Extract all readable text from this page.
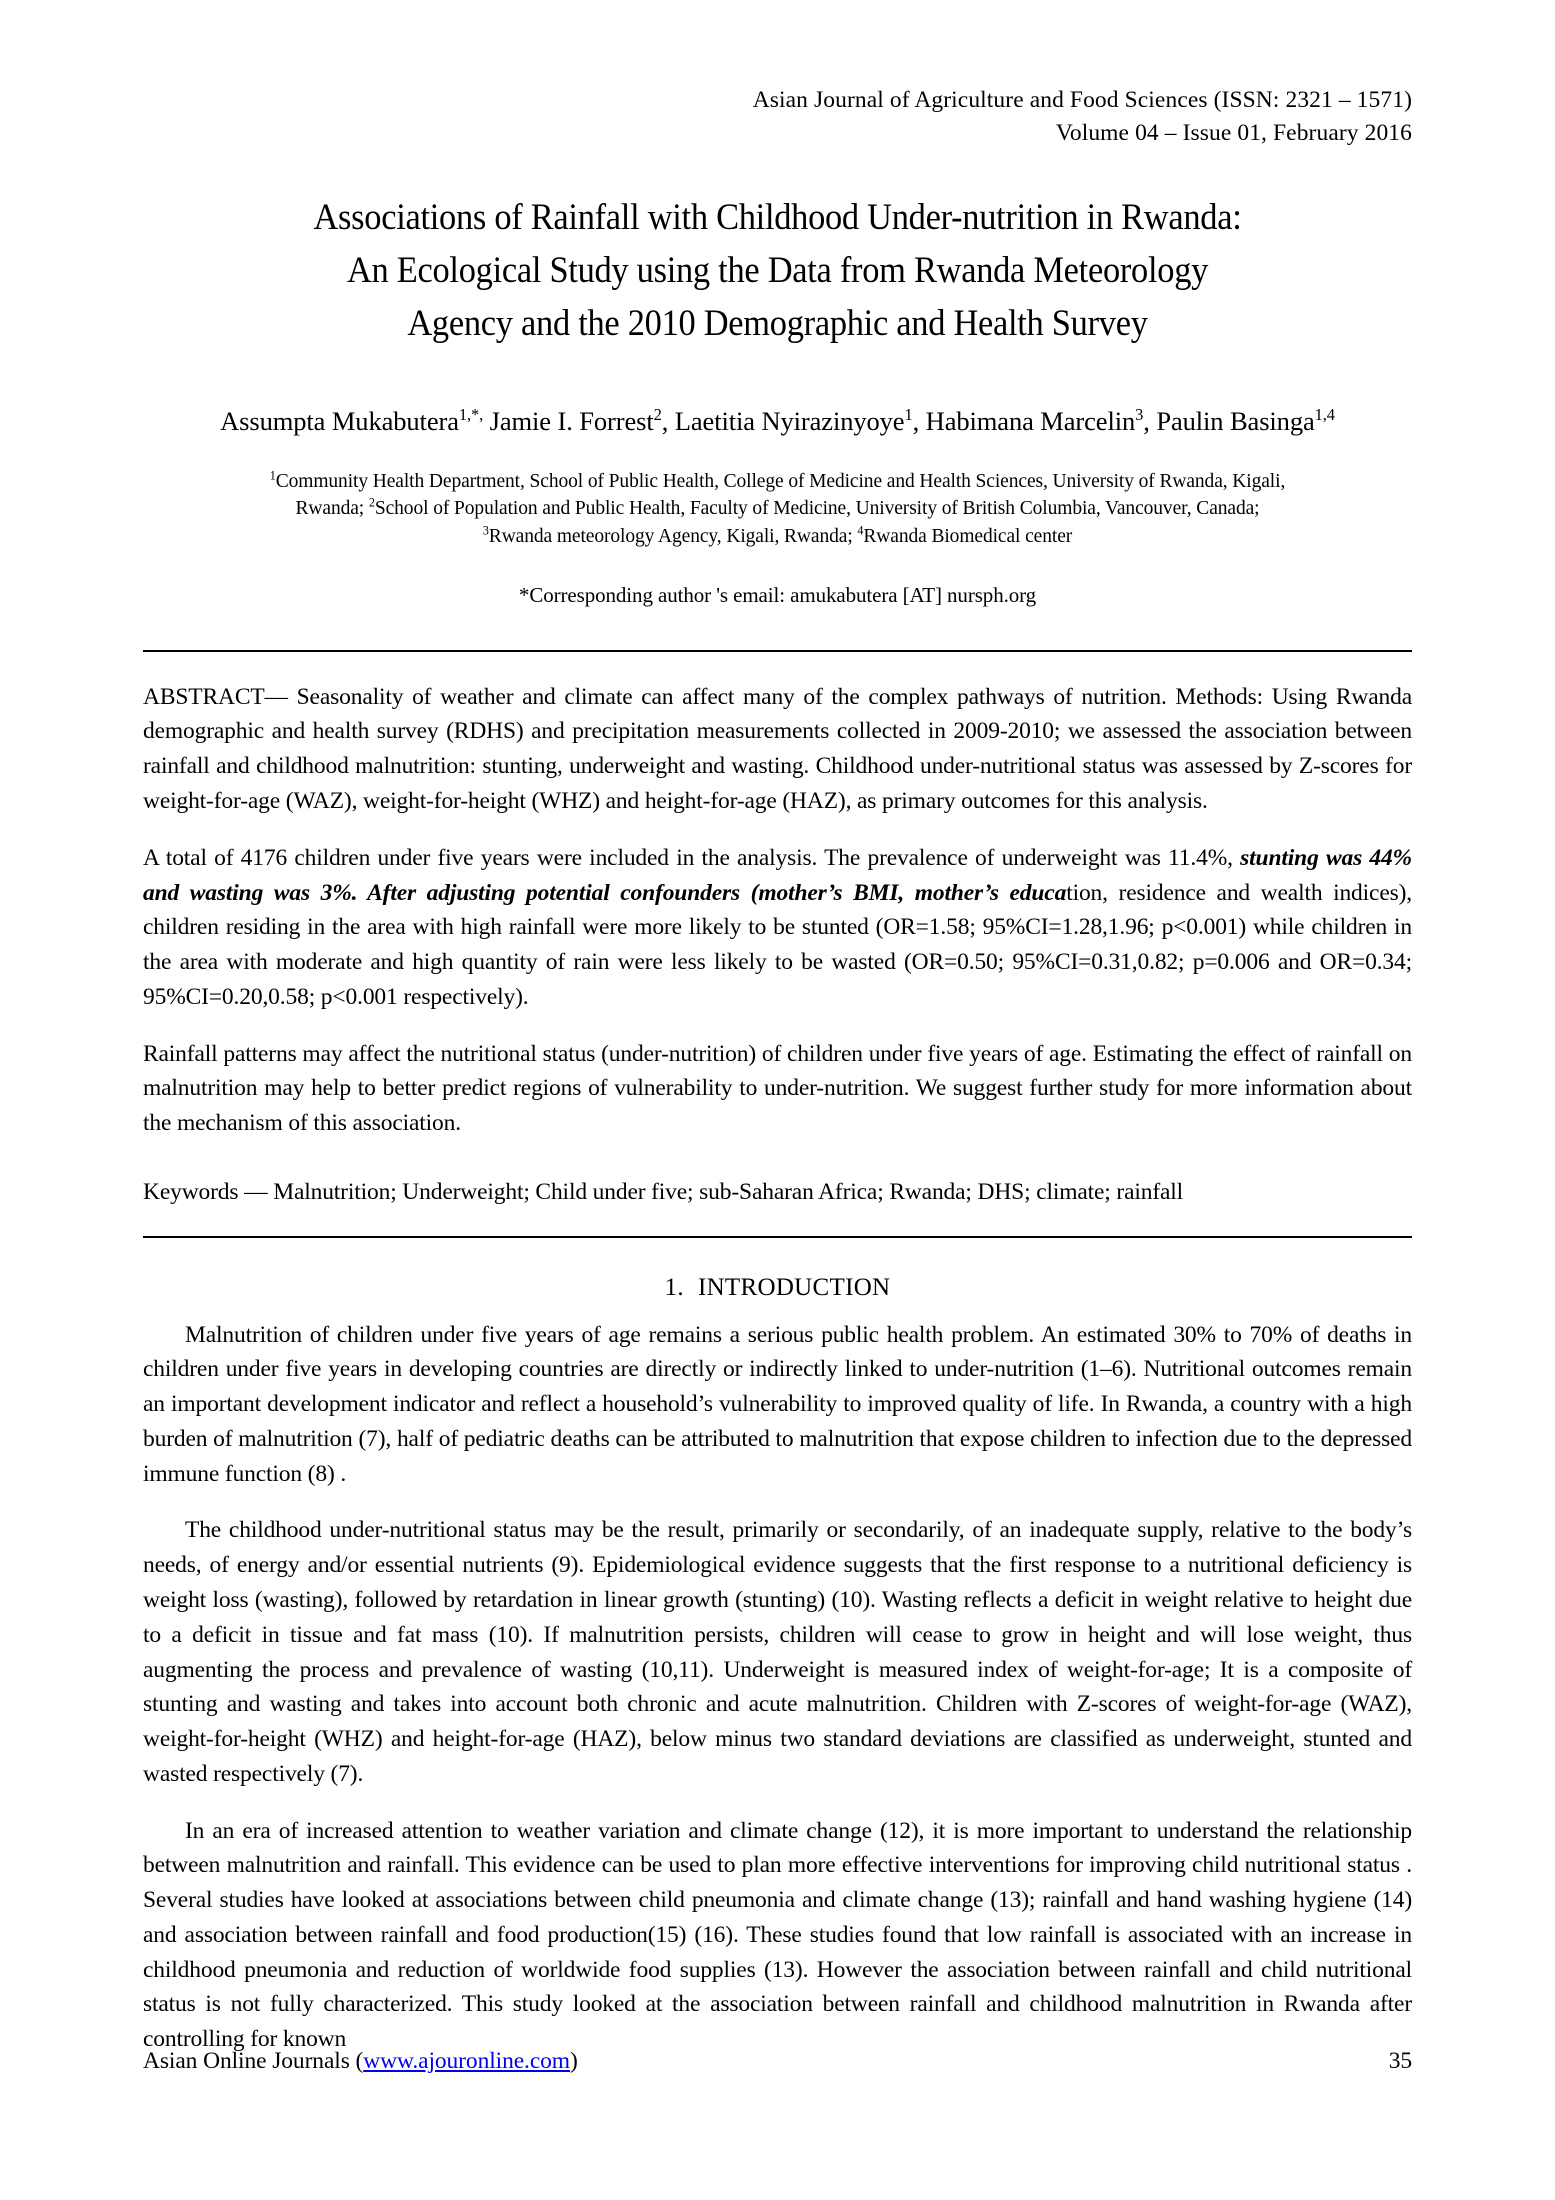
Asian Journal of Agriculture and Food Sciences (ISSN: 2321 – 1571)
Volume 04 – Issue 01, February 2016
Associations of Rainfall with Childhood Under-nutrition in Rwanda:
An Ecological Study using the Data from Rwanda Meteorology
Agency and the 2010 Demographic and Health Survey
Assumpta Mukabutera$^{1,*,}$ Jamie I. Forrest$^2$, Laetitia Nyirazinyoye$^1$, Habimana Marcelin$^3$, Paulin Basinga$^{1,4}$
$^1$Community Health Department, School of Public Health, College of Medicine and Health Sciences, University of Rwanda, Kigali,
Rwanda; $^2$School of Population and Public Health, Faculty of Medicine, University of British Columbia, Vancouver, Canada;
$^3$Rwanda meteorology Agency, Kigali, Rwanda; $^4$Rwanda Biomedical center
*Corresponding author 's email: amukabutera [AT] nursph.org

ABSTRACT— Seasonality of weather and climate can affect many of the complex pathways of nutrition. Methods: Using Rwanda demographic and health survey (RDHS) and precipitation measurements collected in 2009-2010; we assessed the association between rainfall and childhood malnutrition: stunting, underweight and wasting. Childhood under-nutritional status was assessed by Z-scores for weight-for-age (WAZ), weight-for-height (WHZ) and height-for-age (HAZ), as primary outcomes for this analysis.

A total of 4176 children under five years were included in the analysis. The prevalence of underweight was 11.4%, stunting was 44% and wasting was 3%. After adjusting potential confounders (mother’s BMI, mother’s education, residence and wealth indices), children residing in the area with high rainfall were more likely to be stunted (OR=1.58; 95%CI=1.28,1.96; p<0.001) while children in the area with moderate and high quantity of rain were less likely to be wasted (OR=0.50; 95%CI=0.31,0.82; p=0.006 and OR=0.34; 95%CI=0.20,0.58; p<0.001 respectively).

Rainfall patterns may affect the nutritional status (under-nutrition) of children under five years of age. Estimating the effect of rainfall on malnutrition may help to better predict regions of vulnerability to under-nutrition. We suggest further study for more information about the mechanism of this association.

Keywords — Malnutrition; Underweight; Child under five; sub-Saharan Africa; Rwanda; DHS; climate; rainfall
1. INTRODUCTION

Malnutrition of children under five years of age remains a serious public health problem. An estimated 30% to 70% of deaths in children under five years in developing countries are directly or indirectly linked to under-nutrition (1–6). Nutritional outcomes remain an important development indicator and reflect a household’s vulnerability to improved quality of life. In Rwanda, a country with a high burden of malnutrition (7), half of pediatric deaths can be attributed to malnutrition that expose children to infection due to the depressed immune function (8) .

The childhood under-nutritional status may be the result, primarily or secondarily, of an inadequate supply, relative to the body’s needs, of energy and/or essential nutrients (9). Epidemiological evidence suggests that the first response to a nutritional deficiency is weight loss (wasting), followed by retardation in linear growth (stunting) (10). Wasting reflects a deficit in weight relative to height due to a deficit in tissue and fat mass (10). If malnutrition persists, children will cease to grow in height and will lose weight, thus augmenting the process and prevalence of wasting (10,11). Underweight is measured index of weight-for-age; It is a composite of stunting and wasting and takes into account both chronic and acute malnutrition. Children with Z-scores of weight-for-age (WAZ), weight-for-height (WHZ) and height-for-age (HAZ), below minus two standard deviations are classified as underweight, stunted and wasted respectively (7).

In an era of increased attention to weather variation and climate change (12), it is more important to understand the relationship between malnutrition and rainfall. This evidence can be used to plan more effective interventions for improving child nutritional status . Several studies have looked at associations between child pneumonia and climate change (13); rainfall and hand washing hygiene (14) and association between rainfall and food production(15) (16). These studies found that low rainfall is associated with an increase in childhood pneumonia and reduction of worldwide food supplies (13). However the association between rainfall and child nutritional status is not fully characterized. This study looked at the association between rainfall and childhood malnutrition in Rwanda after controlling for known

Asian Online Journals (www.ajouronline.com)	35
